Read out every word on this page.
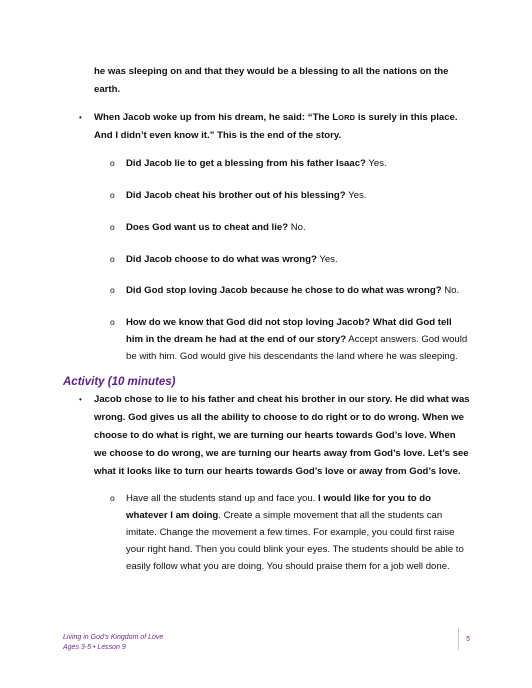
he was sleeping on and that they would be a blessing to all the nations on the
earth.
• When Jacob woke up from his dream, he said: “The LORD is surely in this place.
And I didn’t even know it.” This is the end of the story.
o Did Jacob lie to get a blessing from his father Isaac? Yes.
o Did Jacob cheat his brother out of his blessing? Yes.
o Does God want us to cheat and lie? No.
o Did Jacob choose to do what was wrong? Yes.
o Did God stop loving Jacob because he chose to do what was wrong? No.
o How do we know that God did not stop loving Jacob? What did God tell
him in the dream he had at the end of our story? Accept answers. God would
be with him. God would give his descendants the land where he was sleeping.
Activity (10 minutes)
• Jacob chose to lie to his father and cheat his brother in our story. He did what was
wrong. God gives us all the ability to choose to do right or to do wrong. When we
choose to do what is right, we are turning our hearts towards God’s love. When
we choose to do wrong, we are turning our hearts away from God’s love. Let’s see
what it looks like to turn our hearts towards God’s love or away from God’s love.
o Have all the students stand up and face you. I would like for you to do
whatever I am doing. Create a simple movement that all the students can
imitate. Change the movement a few times. For example, you could first raise
your right hand. Then you could blink your eyes. The students should be able to
easily follow what you are doing. You should praise them for a job well done.
Living in God’s Kingdom of Love
Ages 3-5 • Lesson 9
5
